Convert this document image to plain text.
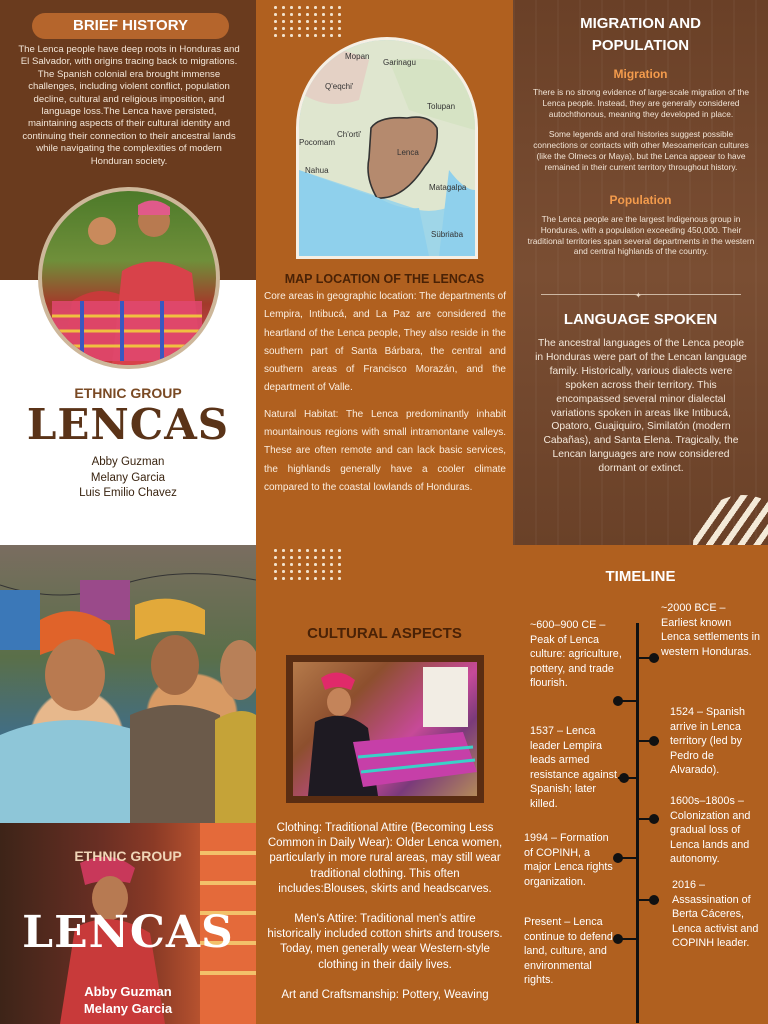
BRIEF HISTORY

The Lenca people have deep roots in Honduras and El Salvador, with origins tracing back to migrations. The Spanish colonial era brought immense challenges, including violent conflict, population decline, cultural and religious imposition, and language loss.The Lenca have persisted, maintaining aspects of their cultural identity and continuing their connection to their ancestral lands while navigating the complexities of modern Honduran society.

ETHNIC GROUP
LENCAS
Abby Guzman
Melany Garcia
Luis Emilio Chavez
Mopan
Garinagu
Q'eqchi'
Tolupan
Ch'orti'
Lenca
Nahua
Matagalpa
Sübriaba
Pocomam
MAP LOCATION OF THE LENCAS

Core areas in geographic location: The departments of Lempira, Intibucá, and La Paz are considered the heartland of the Lenca people, They also reside in the southern part of Santa Bárbara, the central and southern areas of Francisco Morazán, and the department of Valle.

Natural Habitat: The Lenca predominantly inhabit mountainous regions with small intramontane valleys. These are often remote and can lack basic services, the highlands generally have a cooler climate compared to the coastal lowlands of Honduras.

MIGRATION AND POPULATION
Migration

There is no strong evidence of large-scale migration of the Lenca people. Instead, they are generally considered autochthonous, meaning they developed in place.

Some legends and oral histories suggest possible connections or contacts with other Mesoamerican cultures (like the Olmecs or Maya), but the Lenca appear to have remained in their current territory throughout history.

Population
The Lenca people are the largest Indigenous group in Honduras, with a population exceeding 450,000. Their traditional territories span several departments in the western and central highlands of the country.
✦
LANGUAGE SPOKEN
The ancestral languages of the Lenca people in Honduras were part of the Lencan language family. Historically, various dialects were spoken across their territory. This encompassed several minor dialectal variations spoken in areas like Intibucá, Opatoro, Guajiquiro, Similatón (modern Cabañas), and Santa Elena. Tragically, the Lencan languages are now considered dormant or extinct.
ETHNIC GROUP
LENCAS
Abby Guzman
Melany Garcia
CULTURAL ASPECTS

Clothing: Traditional Attire (Becoming Less Common in Daily Wear): Older Lenca women, particularly in more rural areas, may still wear traditional clothing. This often includes:Blouses, skirts and headscarves.

Men's Attire: Traditional men's attire historically included cotton shirts and trousers. Today, men generally wear Western-style clothing in their daily lives.

Art and Craftsmanship: Pottery, Weaving

TIMELINE
~600–900 CE – Peak of Lenca culture: agriculture, pottery, and trade flourish.
1537 – Lenca leader Lempira leads armed resistance against Spanish; later killed.
1994 – Formation of COPINH, a major Lenca rights organization.
Present – Lenca continue to defend land, culture, and environmental rights.
~2000 BCE – Earliest known Lenca settlements in western Honduras.
1524 – Spanish arrive in Lenca territory (led by Pedro de Alvarado).
1600s–1800s – Colonization and gradual loss of Lenca lands and autonomy.
2016 – Assassination of Berta Cáceres, Lenca activist and COPINH leader.
